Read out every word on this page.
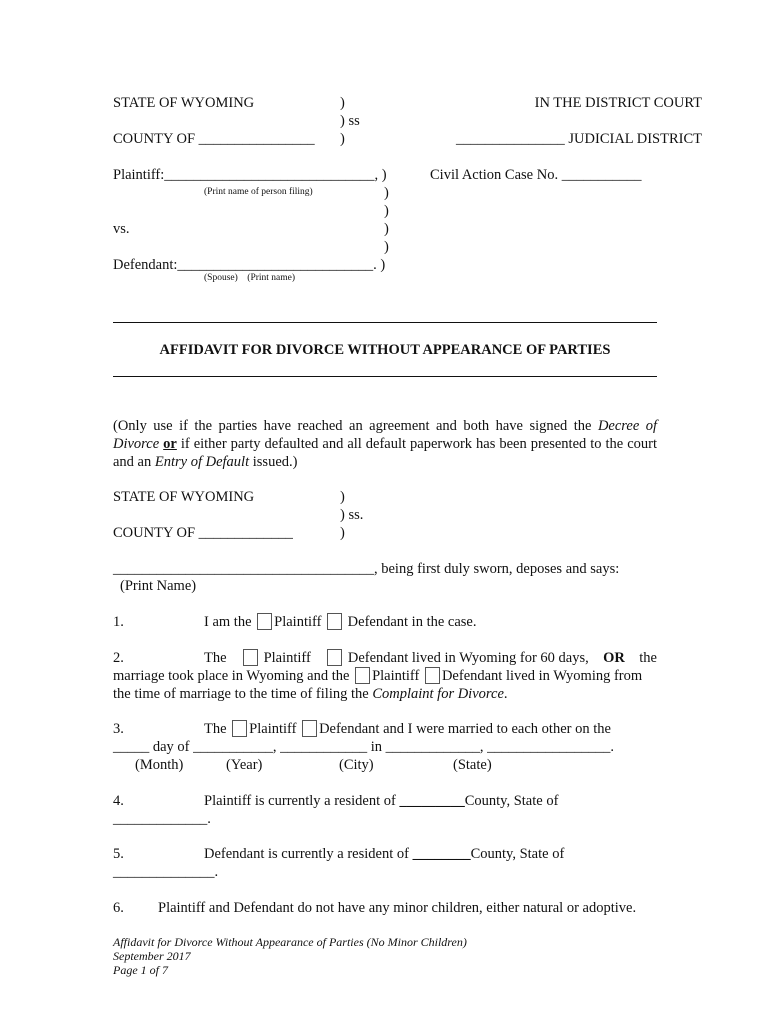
STATE OF WYOMING	)
) ss
)
COUNTY OF ________________
IN THE DISTRICT COURT
_______________ JUDICIAL DISTRICT
Plaintiff:_____________________________, )
(Print name of person filing)
Civil Action Case No. ___________
)
)
vs.	)
)
Defendant:___________________________. )
(Spouse)    (Print name)
AFFIDAVIT FOR DIVORCE WITHOUT APPEARANCE OF PARTIES
(Only use if the parties have reached an agreement and both have signed the Decree of Divorce or if either party defaulted and all default paperwork has been presented to the court and an Entry of Default issued.)
STATE OF WYOMING	)
) ss.
)
COUNTY OF _____________
____________________________________, being first duly sworn, deposes and says:
(Print Name)
1.	I am the Plaintiff Defendant in the case.
2.	The	Plaintiff	Defendant lived in Wyoming for 60 days, OR the
marriage took place in Wyoming and the Plaintiff Defendant lived in Wyoming from
the time of marriage to the time of filing the Complaint for Divorce.
3.	The Plaintiff Defendant and I were married to each other on the
_____ day of ___________, ____________ in _____________, _________________.
(Month)	(Year)	(City)	(State)
4.	Plaintiff is currently a resident of _________County, State of
_____________.
5.	Defendant is currently a resident of ________County, State of
______________.
6. Plaintiff and Defendant do not have any minor children, either natural or adoptive.
Affidavit for Divorce Without Appearance of Parties (No Minor Children)
September 2017
Page 1 of 7
